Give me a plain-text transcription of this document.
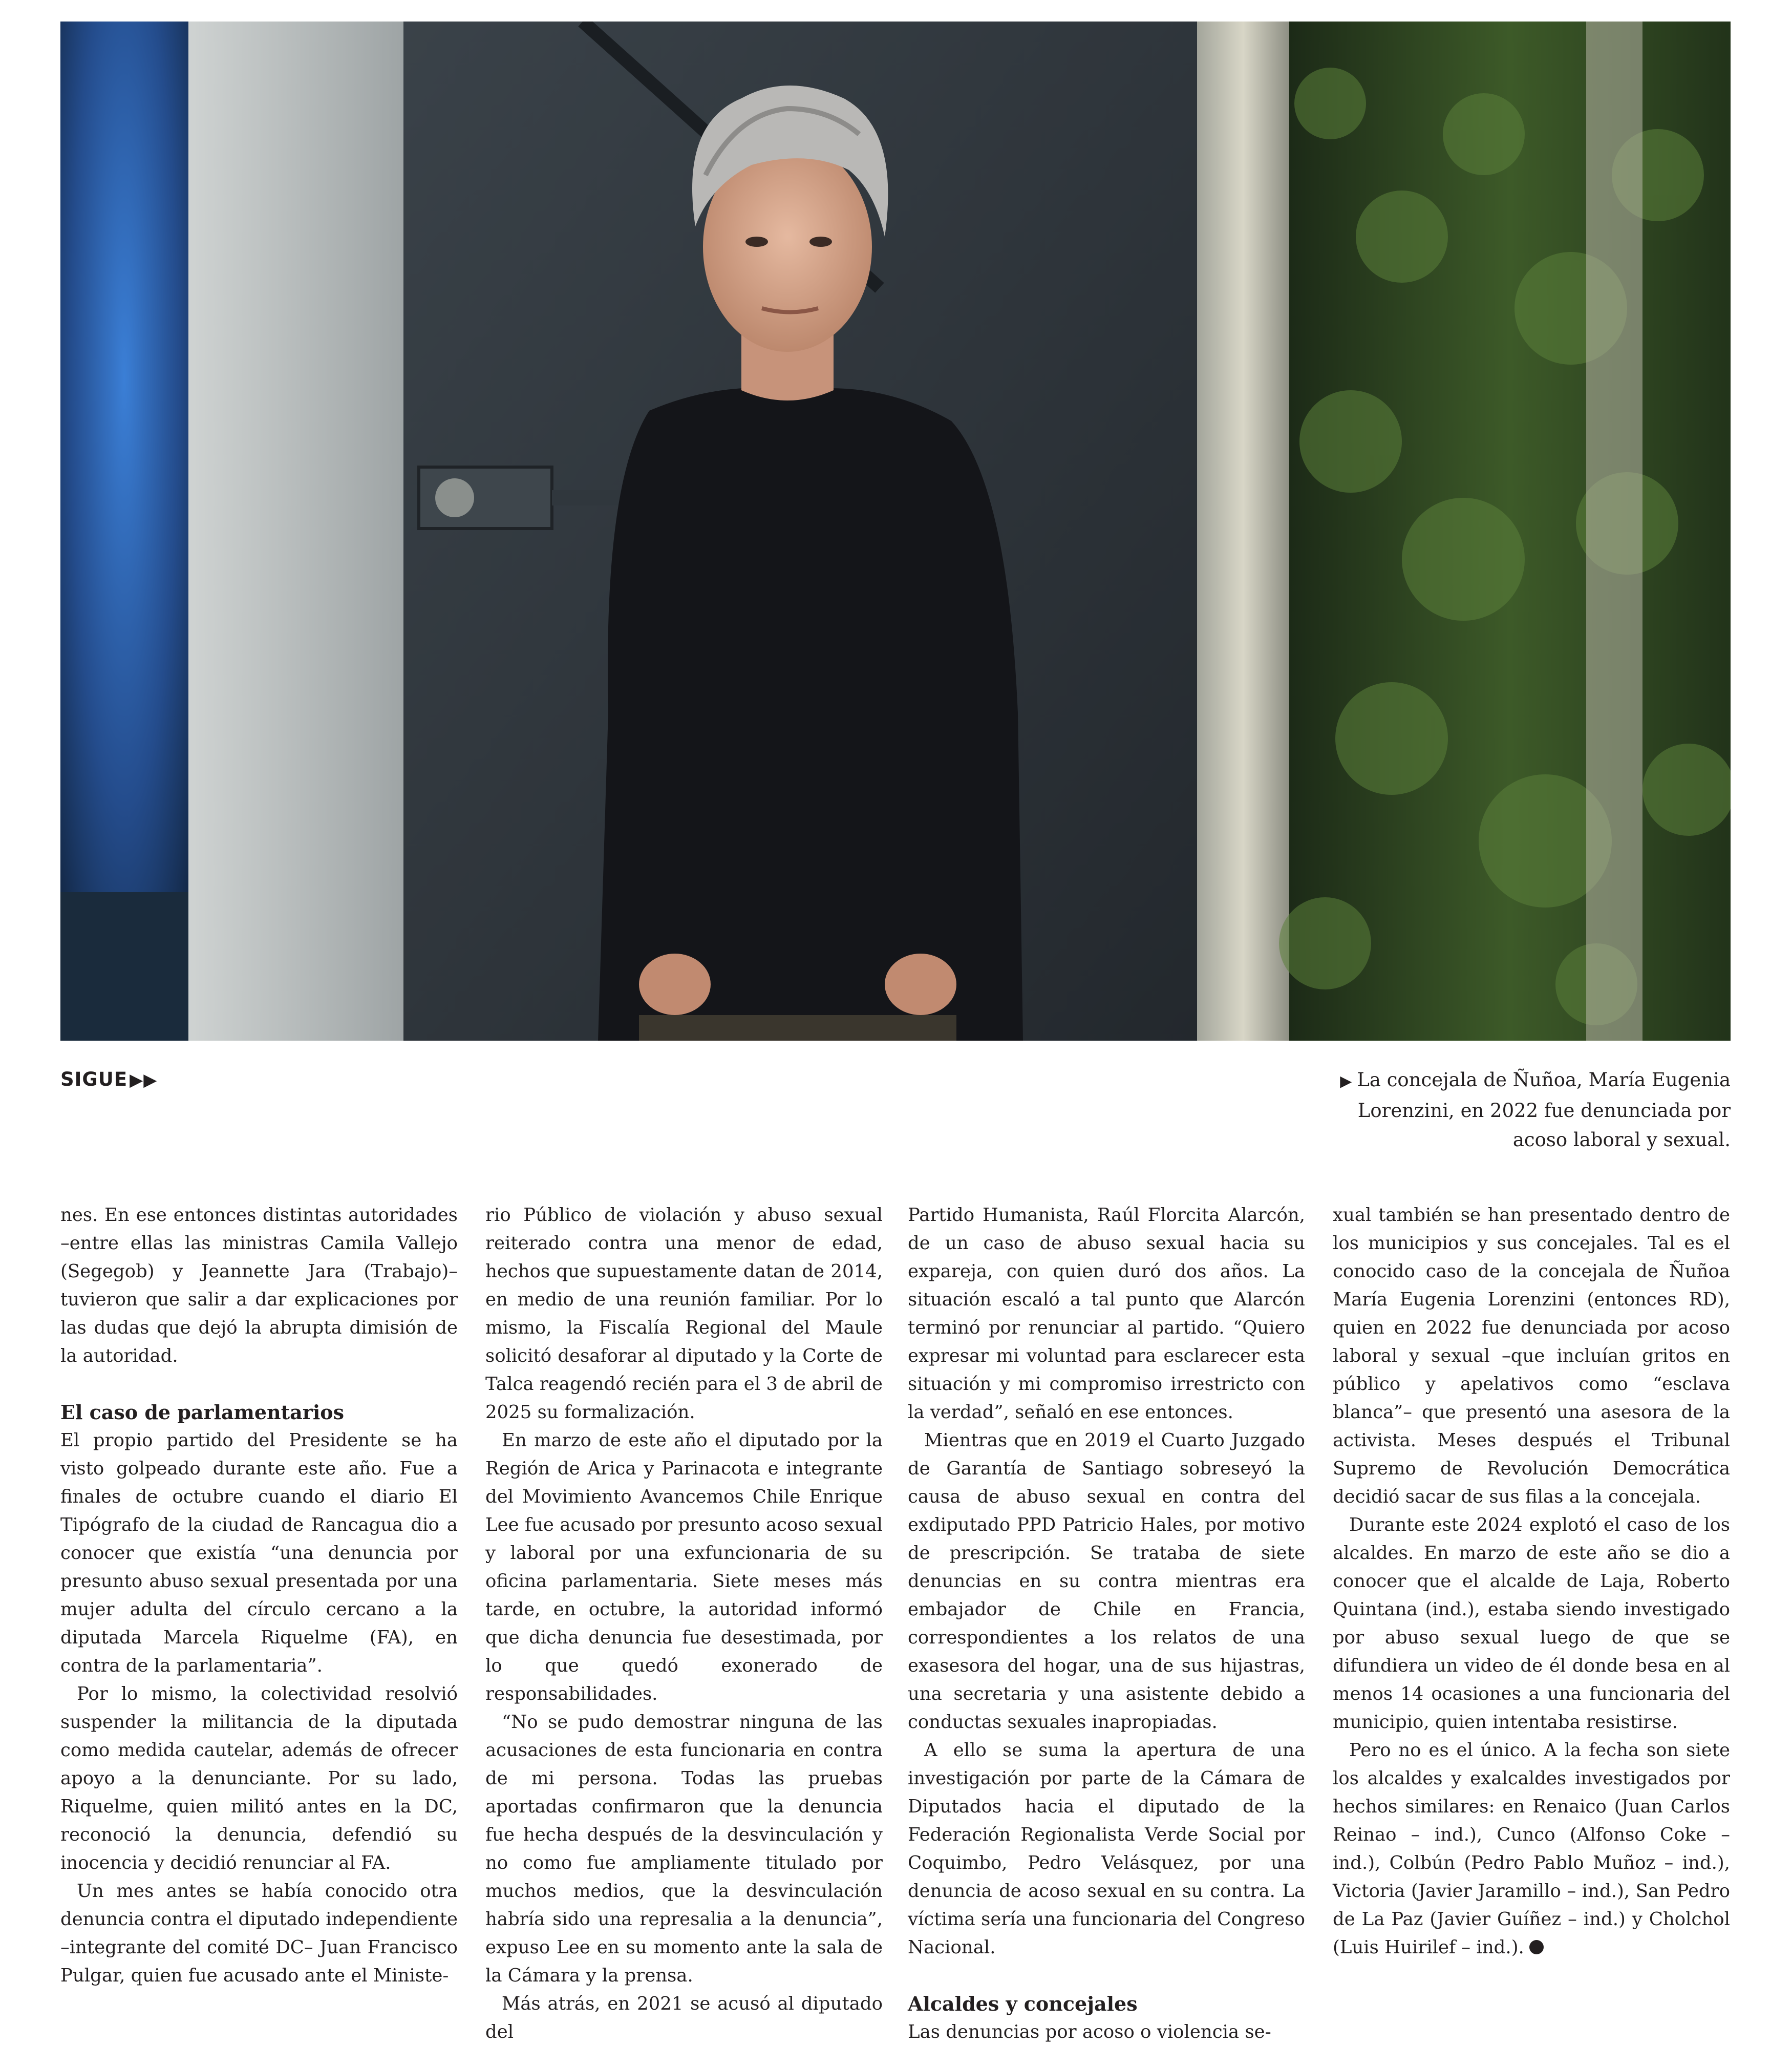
SIGUE ▶▶	▶ La concejala de Ñuñoa, María Eugenia Lorenzini, en 2022 fue denunciada por acoso laboral y sexual.

nes. En ese entonces distintas autoridades –entre ellas las ministras Camila Vallejo (Segegob) y Jeannette Jara (Trabajo)– tuvieron que salir a dar explicaciones por las dudas que dejó la abrupta dimisión de la autoridad.

El caso de parlamentarios

El propio partido del Presidente se ha visto golpeado durante este año. Fue a finales de octubre cuando el diario El Tipógrafo de la ciudad de Rancagua dio a conocer que existía “una denuncia por presunto abuso sexual presentada por una mujer adulta del círculo cercano a la diputada Marcela Riquelme (FA), en contra de la parlamentaria”.

Por lo mismo, la colectividad resolvió suspender la militancia de la diputada como medida cautelar, además de ofrecer apoyo a la denunciante. Por su lado, Riquelme, quien militó antes en la DC, reconoció la denuncia, defendió su inocencia y decidió renunciar al FA.

Un mes antes se había conocido otra denuncia contra el diputado independiente –integrante del comité DC– Juan Francisco Pulgar, quien fue acusado ante el Ministe-

rio Público de violación y abuso sexual reiterado contra una menor de edad, hechos que supuestamente datan de 2014, en medio de una reunión familiar. Por lo mismo, la Fiscalía Regional del Maule solicitó desaforar al diputado y la Corte de Talca reagendó recién para el 3 de abril de 2025 su formalización.

En marzo de este año el diputado por la Región de Arica y Parinacota e integrante del Movimiento Avancemos Chile Enrique Lee fue acusado por presunto acoso sexual y laboral por una exfuncionaria de su oficina parlamentaria. Siete meses más tarde, en octubre, la autoridad informó que dicha denuncia fue desestimada, por lo que quedó exonerado de responsabilidades.

“No se pudo demostrar ninguna de las acusaciones de esta funcionaria en contra de mi persona. Todas las pruebas aportadas confirmaron que la denuncia fue hecha después de la desvinculación y no como fue ampliamente titulado por muchos medios, que la desvinculación habría sido una represalia a la denuncia”, expuso Lee en su momento ante la sala de la Cámara y la prensa.

Más atrás, en 2021 se acusó al diputado del

Partido Humanista, Raúl Florcita Alarcón, de un caso de abuso sexual hacia su expareja, con quien duró dos años. La situación escaló a tal punto que Alarcón terminó por renunciar al partido. “Quiero expresar mi voluntad para esclarecer esta situación y mi compromiso irrestricto con la verdad”, señaló en ese entonces.

Mientras que en 2019 el Cuarto Juzgado de Garantía de Santiago sobreseyó la causa de abuso sexual en contra del exdiputado PPD Patricio Hales, por motivo de prescripción. Se trataba de siete denuncias en su contra mientras era embajador de Chile en Francia, correspondientes a los relatos de una exasesora del hogar, una de sus hijastras, una secretaria y una asistente debido a conductas sexuales inapropiadas.

A ello se suma la apertura de una investigación por parte de la Cámara de Diputados hacia el diputado de la Federación Regionalista Verde Social por Coquimbo, Pedro Velásquez, por una denuncia de acoso sexual en su contra. La víctima sería una funcionaria del Congreso Nacional.

Alcaldes y concejales

Las denuncias por acoso o violencia se-

xual también se han presentado dentro de los municipios y sus concejales. Tal es el conocido caso de la concejala de Ñuñoa María Eugenia Lorenzini (entonces RD), quien en 2022 fue denunciada por acoso laboral y sexual –que incluían gritos en público y apelativos como “esclava blanca”– que presentó una asesora de la activista. Meses después el Tribunal Supremo de Revolución Democrática decidió sacar de sus filas a la concejala.

Durante este 2024 explotó el caso de los alcaldes. En marzo de este año se dio a conocer que el alcalde de Laja, Roberto Quintana (ind.), estaba siendo investigado por abuso sexual luego de que se difundiera un video de él donde besa en al menos 14 ocasiones a una funcionaria del municipio, quien intentaba resistirse.

Pero no es el único. A la fecha son siete los alcaldes y exalcaldes investigados por hechos similares: en Renaico (Juan Carlos Reinao – ind.), Cunco (Alfonso Coke – ind.), Colbún (Pedro Pablo Muñoz – ind.), Victoria (Javier Jaramillo – ind.), San Pedro de La Paz (Javier Guíñez – ind.) y Cholchol (Luis Huirilef – ind.).
